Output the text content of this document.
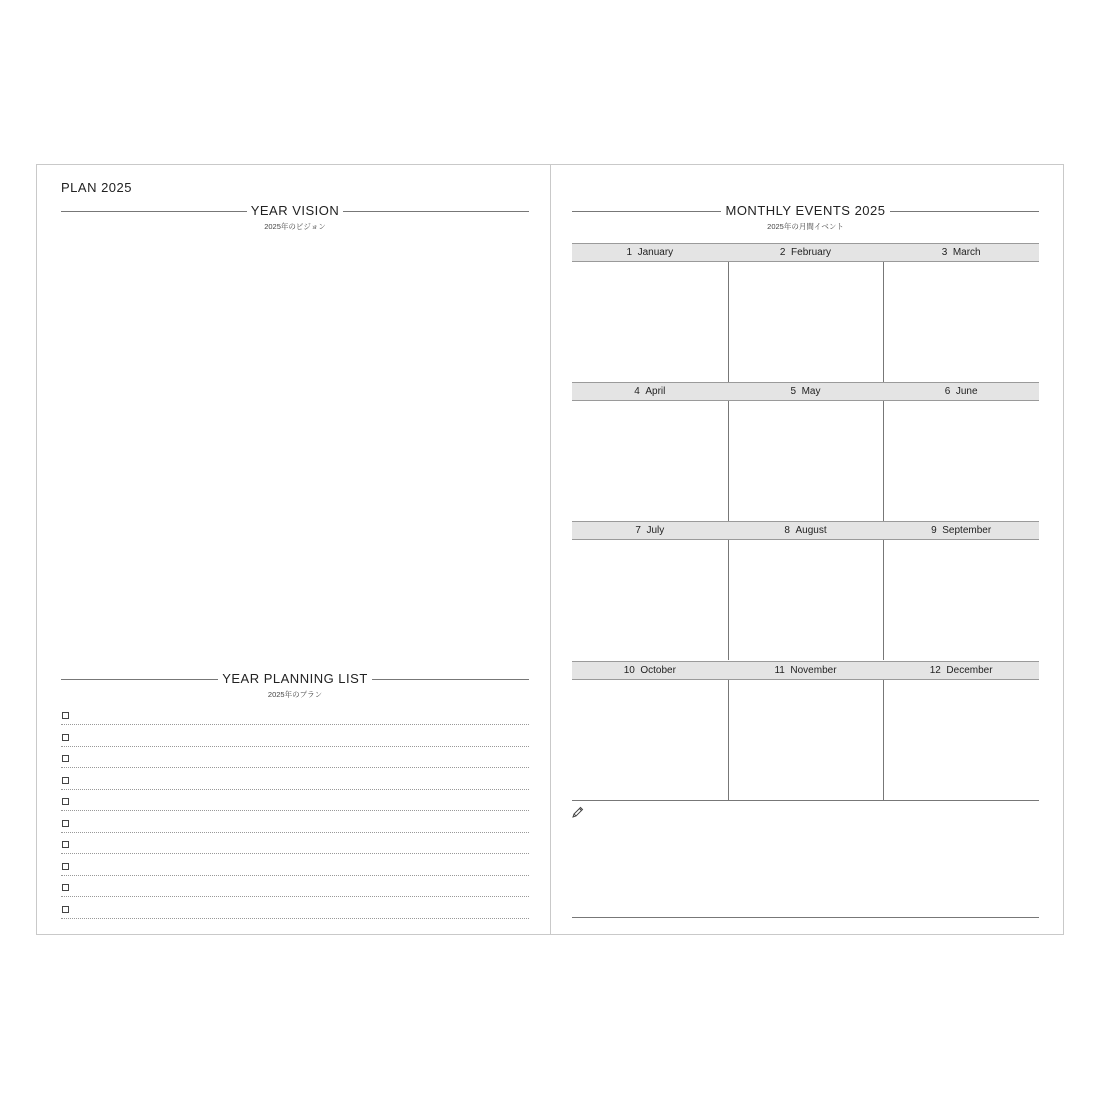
PLAN 2025
YEAR VISION
2025年のビジョン
YEAR PLANNING LIST
2025年のプラン
MONTHLY EVENTS 2025
2025年の月間イベント
1 January	2 February	3 March
4 April	5 May	6 June
7 July	8 August	9 September
10 October	11 November	12 December
